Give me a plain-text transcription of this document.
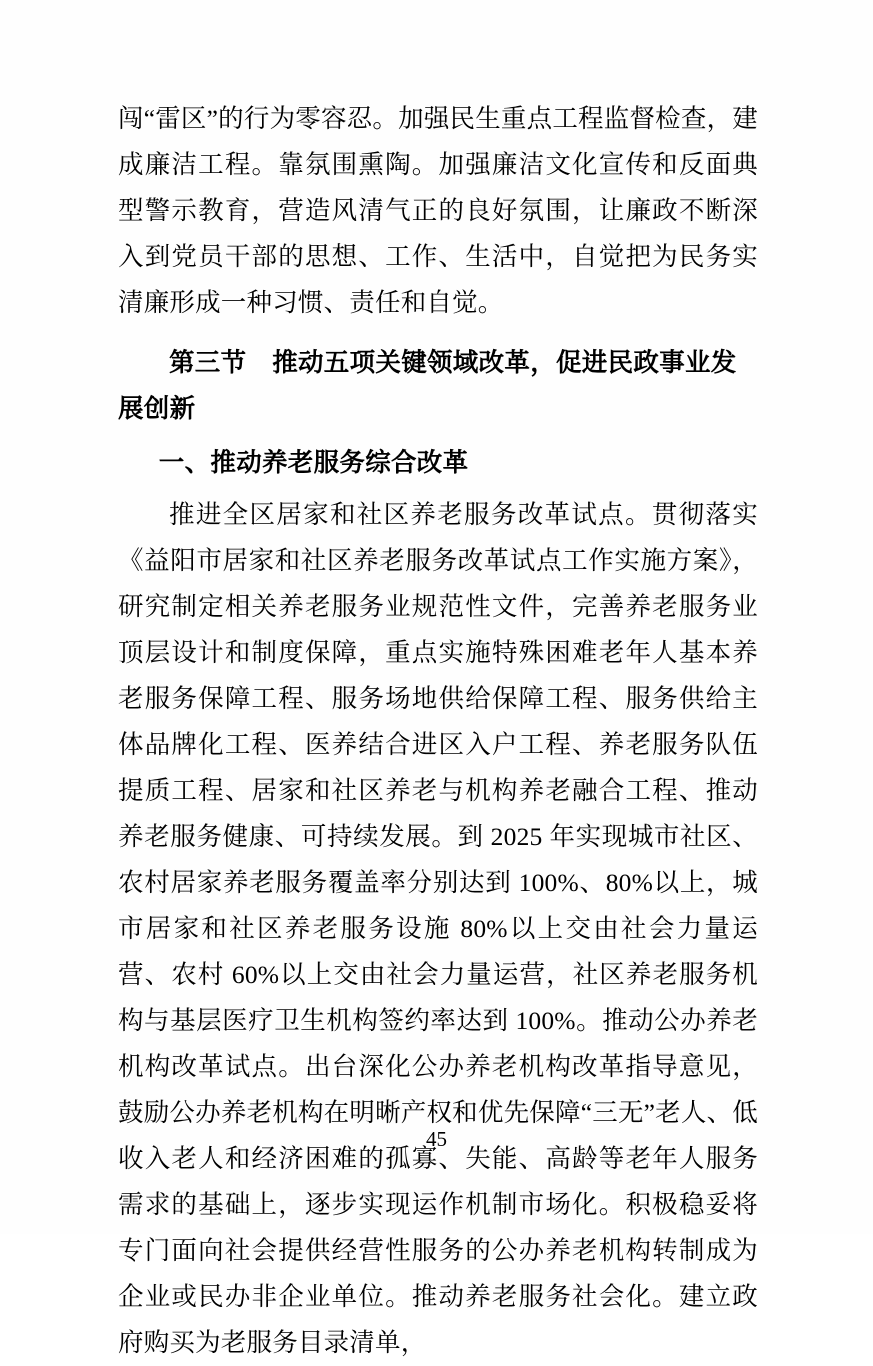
闯“雷区”的行为零容忍。加强民生重点工程监督检查，建成廉洁工程。靠氛围熏陶。加强廉洁文化宣传和反面典型警示教育，营造风清气正的良好氛围，让廉政不断深入到党员干部的思想、工作、生活中，自觉把为民务实清廉形成一种习惯、责任和自觉。

第三节　推动五项关键领域改革，促进民政事业发展创新
一、推动养老服务综合改革

推进全区居家和社区养老服务改革试点。贯彻落实《益阳市居家和社区养老服务改革试点工作实施方案》，研究制定相关养老服务业规范性文件，完善养老服务业顶层设计和制度保障，重点实施特殊困难老年人基本养老服务保障工程、服务场地供给保障工程、服务供给主体品牌化工程、医养结合进区入户工程、养老服务队伍提质工程、居家和社区养老与机构养老融合工程、推动养老服务健康、可持续发展。到 2025 年实现城市社区、农村居家养老服务覆盖率分别达到 100%、80%以上，城市居家和社区养老服务设施 80%以上交由社会力量运营、农村 60%以上交由社会力量运营，社区养老服务机构与基层医疗卫生机构签约率达到 100%。推动公办养老机构改革试点。出台深化公办养老机构改革指导意见，鼓励公办养老机构在明晰产权和优先保障“三无”老人、低收入老人和经济困难的孤寡、失能、高龄等老年人服务需求的基础上，逐步实现运作机制市场化。积极稳妥将专门面向社会提供经营性服务的公办养老机构转制成为企业或民办非企业单位。推动养老服务社会化。建立政府购买为老服务目录清单，

45
